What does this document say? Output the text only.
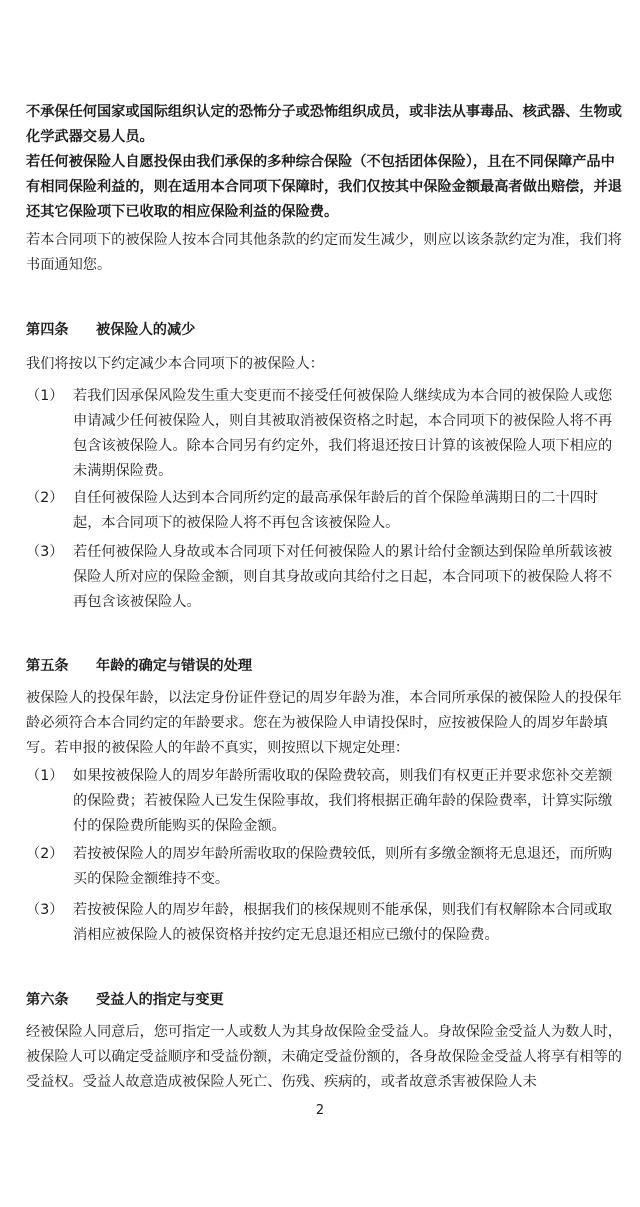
不承保任何国家或国际组织认定的恐怖分子或恐怖组织成员，或非法从事毒品、核武器、生物或化学武器交易人员。

若任何被保险人自愿投保由我们承保的多种综合保险（不包括团体保险），且在不同保障产品中有相同保险利益的，则在适用本合同项下保障时，我们仅按其中保险金额最高者做出赔偿，并退还其它保险项下已收取的相应保险利益的保险费。

若本合同项下的被保险人按本合同其他条款的约定而发生减少，则应以该条款约定为准，我们将书面通知您。

第四条 被保险人的减少

我们将按以下约定减少本合同项下的被保险人：

（1） 若我们因承保风险发生重大变更而不接受任何被保险人继续成为本合同的被保险人或您申请减少任何被保险人，则自其被取消被保资格之时起，本合同项下的被保险人将不再包含该被保险人。除本合同另有约定外，我们将退还按日计算的该被保险人项下相应的未满期保险费。
（2） 自任何被保险人达到本合同所约定的最高承保年龄后的首个保险单满期日的二十四时起，本合同项下的被保险人将不再包含该被保险人。
（3） 若任何被保险人身故或本合同项下对任何被保险人的累计给付金额达到保险单所载该被保险人所对应的保险金额，则自其身故或向其给付之日起，本合同项下的被保险人将不再包含该被保险人。
第五条 年龄的确定与错误的处理

被保险人的投保年龄，以法定身份证件登记的周岁年龄为准，本合同所承保的被保险人的投保年龄必须符合本合同约定的年龄要求。您在为被保险人申请投保时，应按被保险人的周岁年龄填写。若申报的被保险人的年龄不真实，则按照以下规定处理：

（1） 如果按被保险人的周岁年龄所需收取的保险费较高，则我们有权更正并要求您补交差额的保险费；若被保险人已发生保险事故，我们将根据正确年龄的保险费率，计算实际缴付的保险费所能购买的保险金额。
（2） 若按被保险人的周岁年龄所需收取的保险费较低，则所有多缴金额将无息退还，而所购买的保险金额维持不变。
（3） 若按被保险人的周岁年龄，根据我们的核保规则不能承保，则我们有权解除本合同或取消相应被保险人的被保资格并按约定无息退还相应已缴付的保险费。
第六条 受益人的指定与变更

经被保险人同意后，您可指定一人或数人为其身故保险金受益人。身故保险金受益人为数人时，被保险人可以确定受益顺序和受益份额，未确定受益份额的，各身故保险金受益人将享有相等的受益权。受益人故意造成被保险人死亡、伤残、疾病的，或者故意杀害被保险人未

2
